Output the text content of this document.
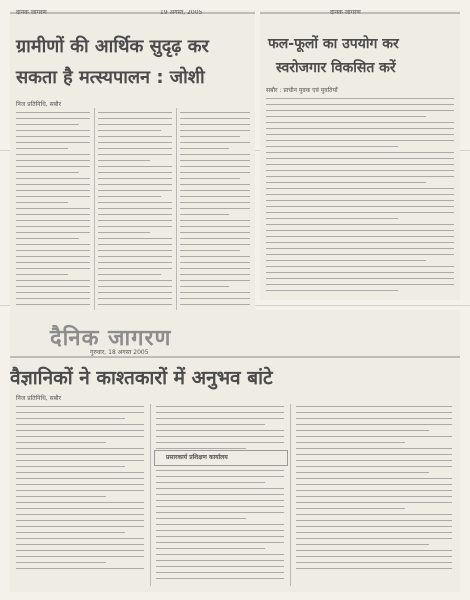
दैनिक जागरण	19 अगस्त, 2005
ग्रामीणों की आर्थिक सुदृढ़ कर
सकता है मत्स्यपालन : जोशी
निज प्रतिनिधि, सबौर
दैनिक जागरण
फल-फूलों का उपयोग कर
स्वरोजगार विकसित करें
सबौर : प्राचीन युवक एवं युवतियाँ
दैनिक जागरण
गुरुवार, 18 अगस्त 2005
वैज्ञानिकों ने काश्तकारों में अनुभव बांटे
निज प्रतिनिधि, सबौर
प्रसारकार्य प्रशिक्षण कार्यालय
